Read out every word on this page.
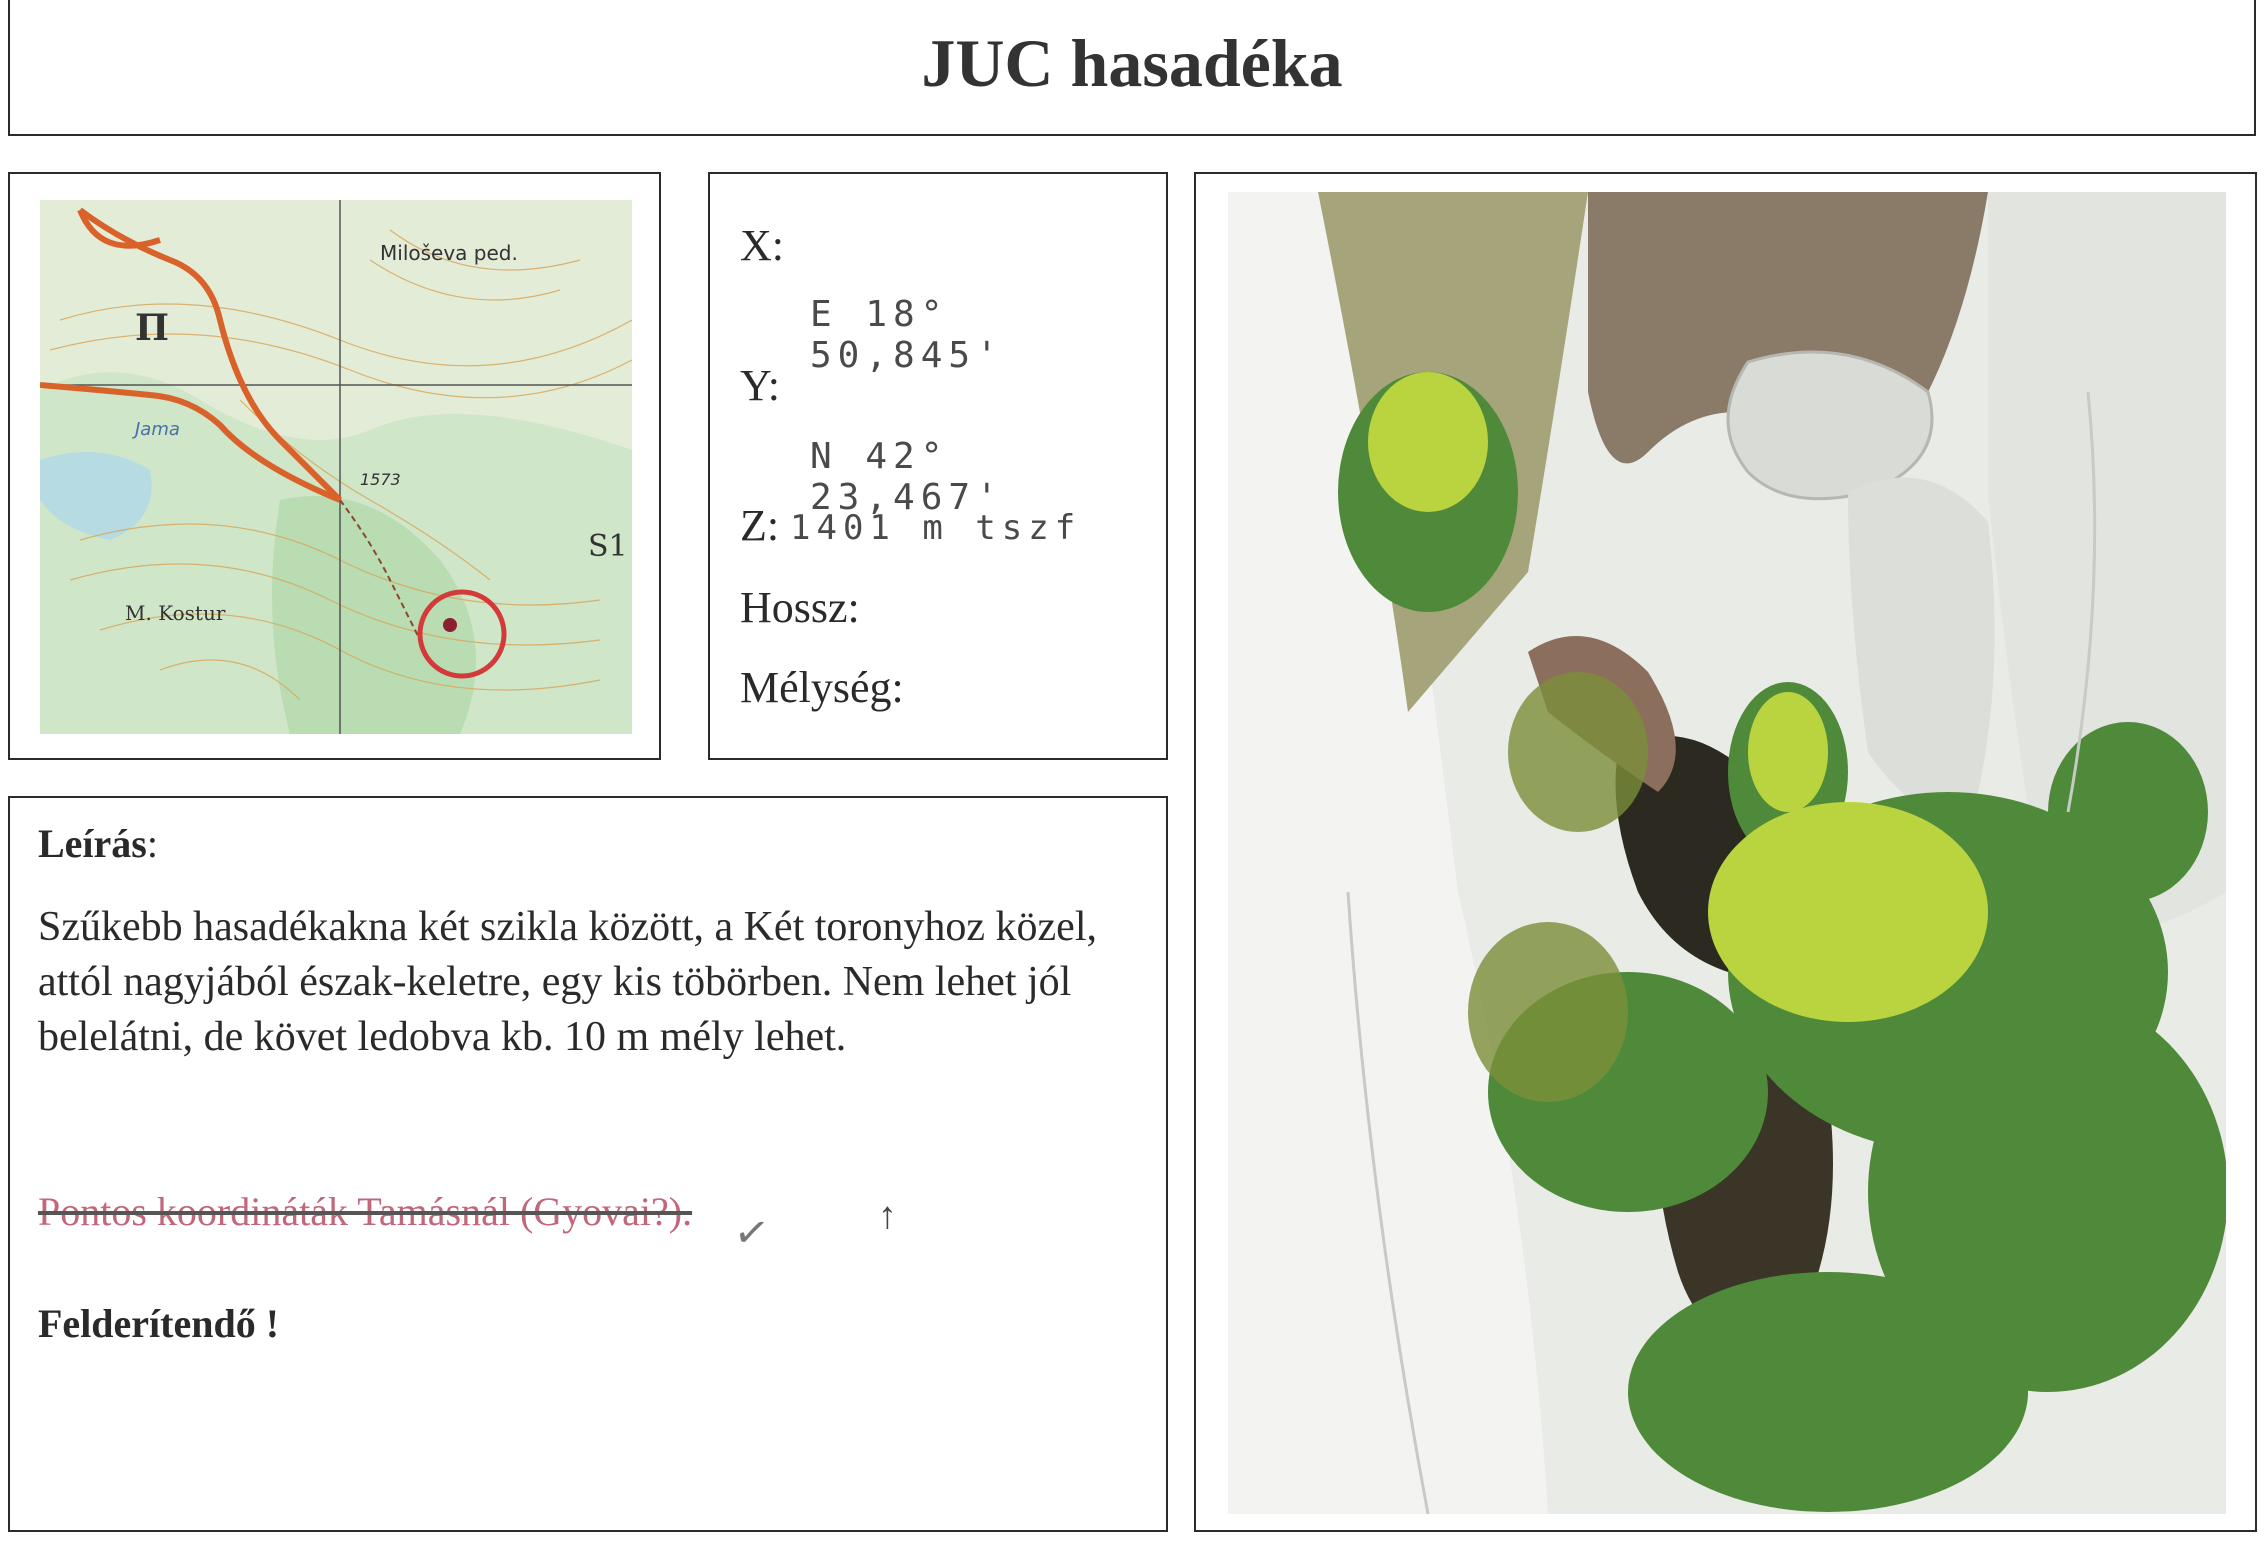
JUC hasadéka
Π
Miloševa ped.
Jama
1573
M. Kostur
S1
X:
E 18° 50,845'
Y:
N 42° 23,467'
Z: 1401 m tszf
Hossz:
Mélység:
Leírás:
Szűkebb hasadékakna két szikla között, a Két toronyhoz közel, attól nagyjából észak-keletre, egy kis töbörben. Nem lehet jól belelátni, de követ ledobva kb. 10 m mély lehet.
Pontos koordináták Tamásnál (Gyovai?). ✓	↑
Felderítendő !
